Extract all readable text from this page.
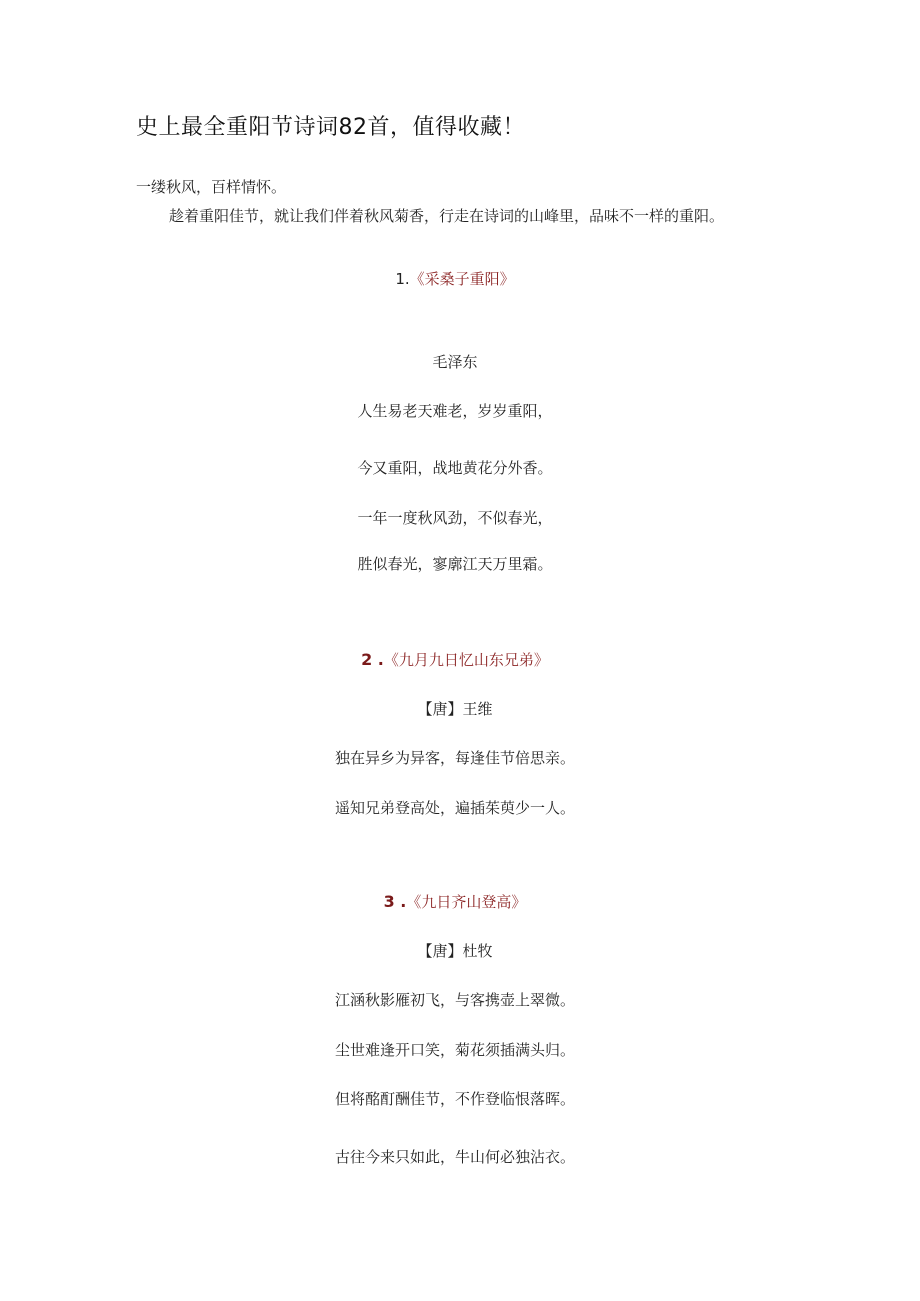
史上最全重阳节诗词82首，值得收藏！
一缕秋风，百样情怀。
趁着重阳佳节，就让我们伴着秋风菊香，行走在诗词的山峰里，品味不一样的重阳。
1.《采桑子重阳》
毛泽东
人生易老天难老，岁岁重阳，
今又重阳，战地黄花分外香。
一年一度秋风劲，不似春光，
胜似春光，寥廓江天万里霜。
2 .《九月九日忆山东兄弟》
【唐】王维
独在异乡为异客，每逢佳节倍思亲。
遥知兄弟登高处，遍插茱萸少一人。
3 .《九日齐山登高》
【唐】杜牧
江涵秋影雁初飞，与客携壶上翠微。
尘世难逢开口笑，菊花须插满头归。
但将酩酊酬佳节，不作登临恨落晖。
古往今来只如此，牛山何必独沾衣。
